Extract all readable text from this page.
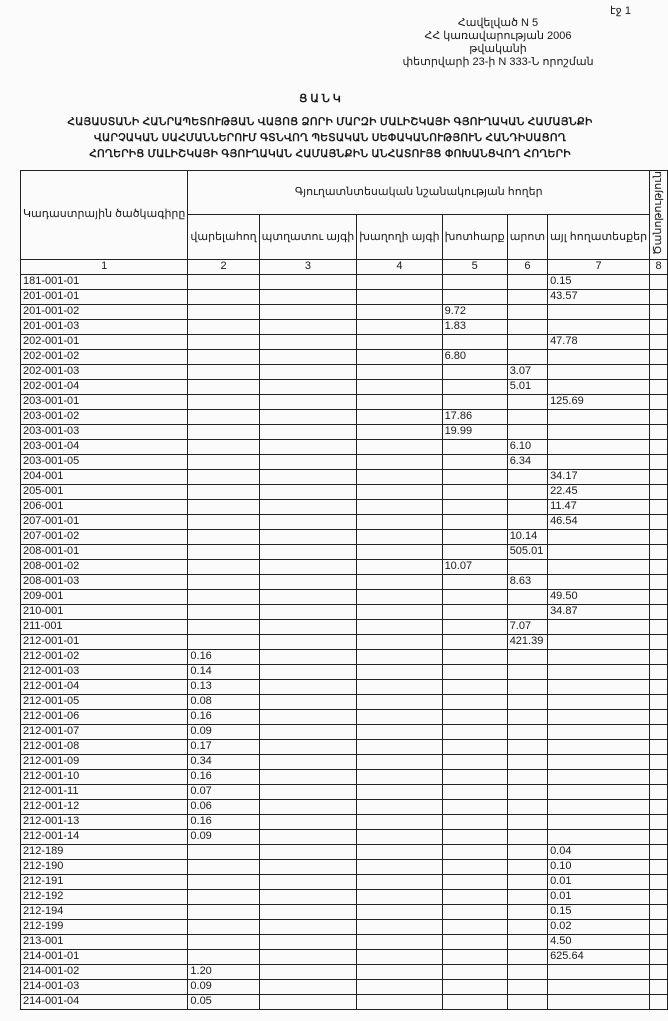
էջ 1
Հավելված N 5
ՀՀ կառավարության 2006 թվականի
փետրվարի 23-ի N 333-Ն որոշման
ՑԱՆԿ
ՀԱՅԱՍՏԱՆԻ ՀԱՆՐԱՊԵՏՈՒԹՅԱՆ ՎԱՅՈՑ ՁՈՐԻ ՄԱՐԶԻ ՄԱԼԻՇԿԱՅԻ ԳՅՈՒՂԱԿԱՆ ՀԱՄԱՅՆՔԻ
ՎԱՐՉԱԿԱՆ ՍԱՀՄԱՆՆԵՐՈՒՄ ԳՏՆՎՈՂ ՊԵՏԱԿԱՆ ՍԵՓԱԿԱՆՈՒԹՅՈՒՆ ՀԱՆԴԻՍԱՑՈՂ
ՀՈՂԵՐԻՑ ՄԱԼԻՇԿԱՅԻ ԳՅՈՒՂԱԿԱՆ ՀԱՄԱՅՆՔԻՆ ԱՆՀԱՏՈՒՅՑ ՓՈԽԱՆՑՎՈՂ ՀՈՂԵՐԻ
Կադաստրային ծածկագիրը	Գյուղատնտեսական նշանակության հողեր						Ծանոթություն
	վարելահող	պտղատու այգի	խաղողի այգի	խոտհարք	արոտ	այլ հողատեսքեր	
1	2	3	4	5	6	7	8
181-001-01						0.15	
201-001-01						43.57	
201-001-02				9.72			
201-001-03				1.83			
202-001-01						47.78	
202-001-02				6.80			
202-001-03					3.07		
202-001-04					5.01		
203-001-01						125.69	
203-001-02				17.86			
203-001-03				19.99			
203-001-04					6.10		
203-001-05					6.34		
204-001						34.17	
205-001						22.45	
206-001						11.47	
207-001-01						46.54	
207-001-02					10.14		
208-001-01					505.01		
208-001-02				10.07			
208-001-03					8.63		
209-001						49.50	
210-001						34.87	
211-001					7.07		
212-001-01					421.39		
212-001-02	0.16						
212-001-03	0.14						
212-001-04	0.13						
212-001-05	0.08						
212-001-06	0.16						
212-001-07	0.09						
212-001-08	0.17						
212-001-09	0.34						
212-001-10	0.16						
212-001-11	0.07						
212-001-12	0.06						
212-001-13	0.16						
212-001-14	0.09						
212-189						0.04	
212-190						0.10	
212-191						0.01	
212-192						0.01	
212-194						0.15	
212-199						0.02	
213-001						4.50	
214-001-01						625.64	
214-001-02	1.20						
214-001-03	0.09						
214-001-04	0.05						
